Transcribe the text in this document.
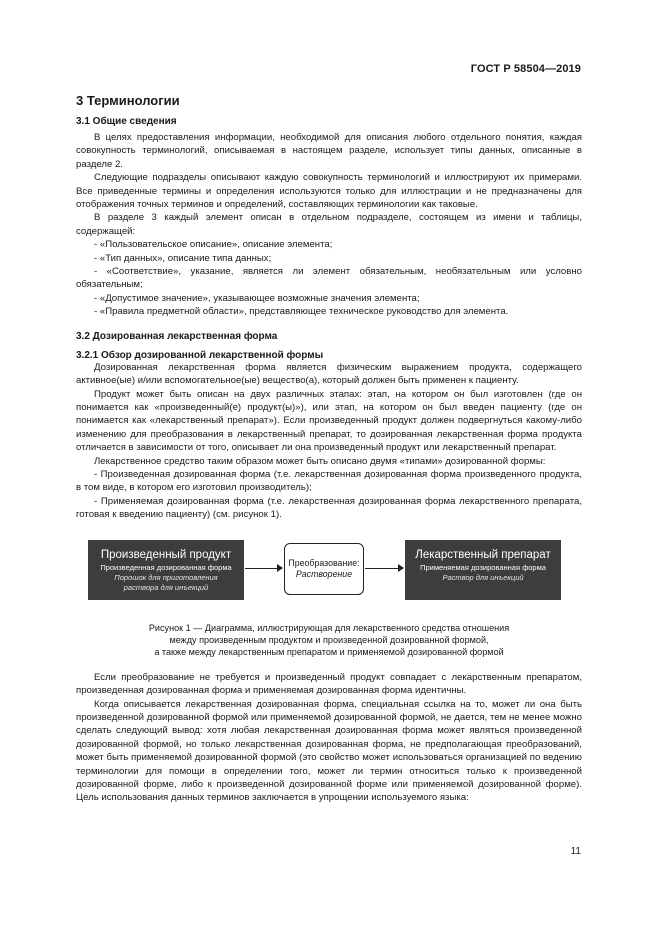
ГОСТ Р 58504—2019
3 Терминологии
3.1 Общие сведения

В целях предоставления информации, необходимой для описания любого отдельного понятия, каждая совокупность терминологий, описываемая в настоящем разделе, использует типы данных, описанные в разделе 2.

Следующие подразделы описывают каждую совокупность терминологий и иллюстрируют их примерами. Все приведенные термины и определения используются только для иллюстрации и не предназначены для отображения точных терминов и определений, составляющих терминологии как таковые.

В разделе 3 каждый элемент описан в отдельном подразделе, состоящем из имени и таблицы, содержащей:

- «Пользовательское описание», описание элемента;

- «Тип данных», описание типа данных;

- «Соответствие», указание, является ли элемент обязательным, необязательным или условно обязательным;

- «Допустимое значение», указывающее возможные значения элемента;

- «Правила предметной области», представляющее техническое руководство для элемента.

3.2 Дозированная лекарственная форма
3.2.1 Обзор дозированной лекарственной формы

Дозированная лекарственная форма является физическим выражением продукта, содержащего активное(ые) и/или вспомогательное(ые) вещество(а), который должен быть применен к пациенту.

Продукт может быть описан на двух различных этапах: этап, на котором он был изготовлен (где он понимается как «произведенный(е) продукт(ы)»), или этап, на котором он был введен пациенту (где он понимается как «лекарственный препарат»). Если произведенный продукт должен подвергнуться какому-либо изменению для преобразования в лекарственный препарат, то дозированная лекарственная форма продукта отличается в зависимости от того, описывает ли она произведенный продукт или лекарственный препарат.

Лекарственное средство таким образом может быть описано двумя «типами» дозированной формы:

- Произведенная дозированная форма (т.е. лекарственная дозированная форма произведенного продукта, в том виде, в котором его изготовил производитель);

- Применяемая дозированная форма (т.е. лекарственная дозированная форма лекарственного препарата, готовая к введению пациенту) (см. рисунок 1).

Произведенный продукт
Произведенная дозированная форма
Порошок для приготовления
раствора для инъекций
Преобразование:
Растворение
Лекарственный препарат
Применяемая дозированная форма
Раствор для инъекций
Рисунок 1 — Диаграмма, иллюстрирующая для лекарственного средства отношения
между произведенным продуктом и произведенной дозированной формой,
а также между лекарственным препаратом и применяемой дозированной формой

Если преобразование не требуется и произведенный продукт совпадает с лекарственным препаратом, произведенная дозированная форма и применяемая дозированная форма идентичны.

Когда описывается лекарственная дозированная форма, специальная ссылка на то, может ли она быть произведенной дозированной формой или применяемой дозированной формой, не дается, тем не менее можно сделать следующий вывод: хотя любая лекарственная дозированная форма может являться произведенной дозированной формой, но только лекарственная дозированная форма, не предполагающая преобразований, может быть применяемой дозированной формой (это свойство может использоваться организацией по ведению терминологии для помощи в определении того, может ли термин относиться только к произведенной дозированной форме, либо к произведенной дозированной форме или применяемой дозированной форме). Цель использования данных терминов заключается в упрощении используемого языка:

11
